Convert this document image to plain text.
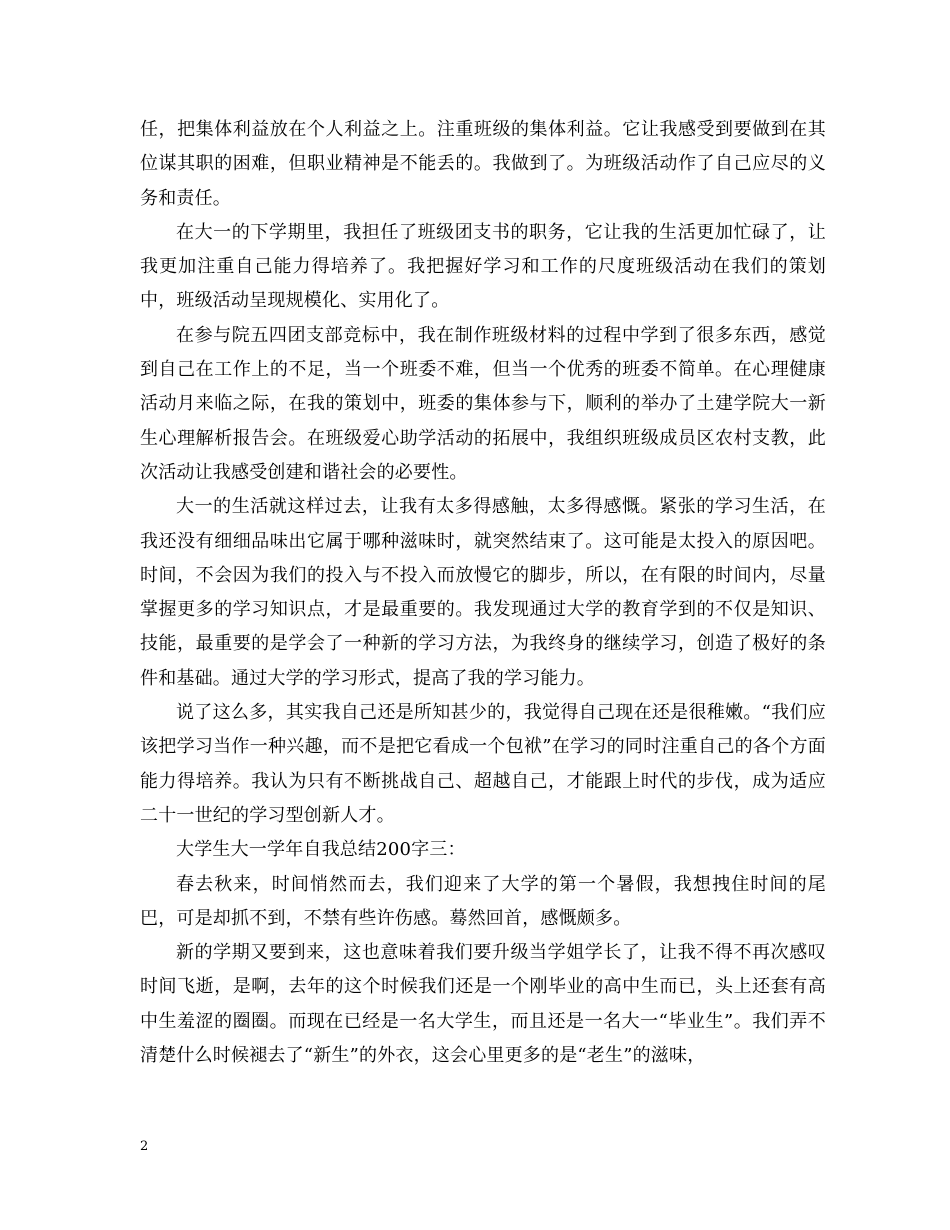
任，把集体利益放在个人利益之上。注重班级的集体利益。它让我感受到要做到在其位谋其职的困难，但职业精神是不能丢的。我做到了。为班级活动作了自己应尽的义务和责任。

在大一的下学期里，我担任了班级团支书的职务，它让我的生活更加忙碌了，让我更加注重自己能力得培养了。我把握好学习和工作的尺度班级活动在我们的策划中，班级活动呈现规模化、实用化了。

在参与院五四团支部竞标中，我在制作班级材料的过程中学到了很多东西，感觉到自己在工作上的不足，当一个班委不难，但当一个优秀的班委不简单。在心理健康活动月来临之际，在我的策划中，班委的集体参与下，顺利的举办了土建学院大一新生心理解析报告会。在班级爱心助学活动的拓展中，我组织班级成员区农村支教，此次活动让我感受创建和谐社会的必要性。

大一的生活就这样过去，让我有太多得感触，太多得感慨。紧张的学习生活，在我还没有细细品味出它属于哪种滋味时，就突然结束了。这可能是太投入的原因吧。时间，不会因为我们的投入与不投入而放慢它的脚步，所以，在有限的时间内，尽量掌握更多的学习知识点，才是最重要的。我发现通过大学的教育学到的不仅是知识、技能，最重要的是学会了一种新的学习方法，为我终身的继续学习，创造了极好的条件和基础。通过大学的学习形式，提高了我的学习能力。

说了这么多，其实我自己还是所知甚少的，我觉得自己现在还是很稚嫩。“我们应该把学习当作一种兴趣，而不是把它看成一个包袱”在学习的同时注重自己的各个方面能力得培养。我认为只有不断挑战自己、超越自己，才能跟上时代的步伐，成为适应二十一世纪的学习型创新人才。

大学生大一学年自我总结200字三：

春去秋来，时间悄然而去，我们迎来了大学的第一个暑假，我想拽住时间的尾巴，可是却抓不到，不禁有些许伤感。蓦然回首，感慨颇多。

新的学期又要到来，这也意味着我们要升级当学姐学长了，让我不得不再次感叹时间飞逝，是啊，去年的这个时候我们还是一个刚毕业的高中生而已，头上还套有高中生羞涩的圈圈。而现在已经是一名大学生，而且还是一名大一“毕业生”。我们弄不清楚什么时候褪去了“新生”的外衣，这会心里更多的是“老生”的滋味，

2
